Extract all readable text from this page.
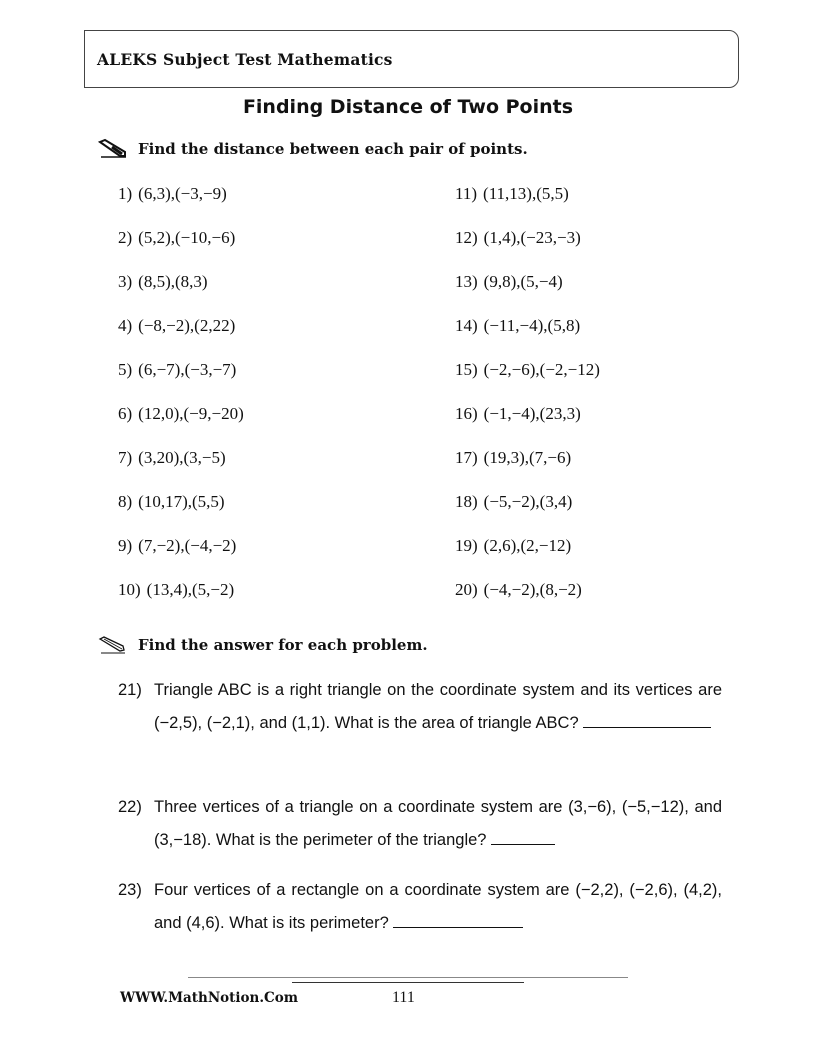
ALEKS Subject Test Mathematics
Finding Distance of Two Points
Find the distance between each pair of points.
1) (6,3),(−3,−9)
2) (5,2),(−10,−6)
3) (8,5),(8,3)
4) (−8,−2),(2,22)
5) (6,−7),(−3,−7)
6) (12,0),(−9,−20)
7) (3,20),(3,−5)
8) (10,17),(5,5)
9) (7,−2),(−4,−2)
10) (13,4),(5,−2)
11) (11,13),(5,5)
12) (1,4),(−23,−3)
13) (9,8),(5,−4)
14) (−11,−4),(5,8)
15) (−2,−6),(−2,−12)
16) (−1,−4),(23,3)
17) (19,3),(7,−6)
18) (−5,−2),(3,4)
19) (2,6),(2,−12)
20) (−4,−2),(8,−2)
Find the answer for each problem.
21) Triangle ABC is a right triangle on the coordinate system and its vertices are (−2,5), (−2,1), and (1,1). What is the area of triangle ABC?
22) Three vertices of a triangle on a coordinate system are (3,−6), (−5,−12), and (3,−18). What is the perimeter of the triangle?
23) Four vertices of a rectangle on a coordinate system are (−2,2), (−2,6), (4,2), and (4,6). What is its perimeter?
WWW.MathNotion.Com	111
